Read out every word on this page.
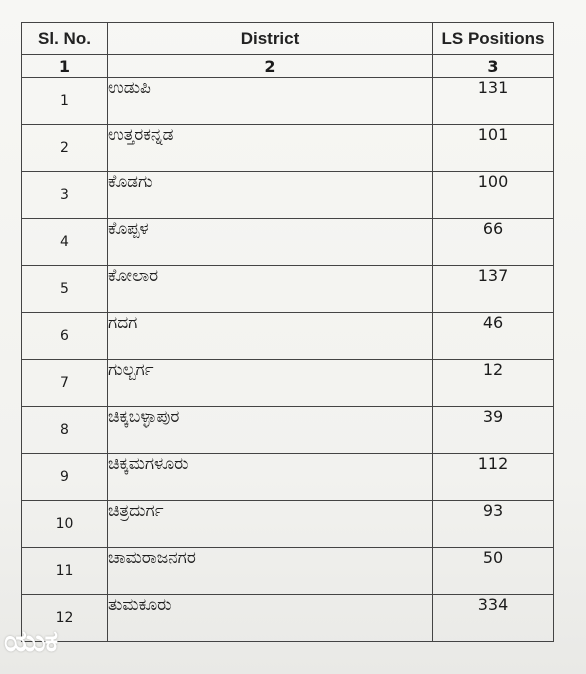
Sl. No.	District	LS Positions
1	2	3
1	ಉಡುಪಿ	131
2	ಉತ್ತರಕನ್ನಡ	101
3	ಕೊಡಗು	100
4	ಕೊಪ್ಪಳ	66
5	ಕೋಲಾರ	137
6	ಗದಗ	46
7	ಗುಲ್ಬರ್ಗ	12
8	ಚಿಕ್ಕಬಳ್ಳಾಪುರ	39
9	ಚಿಕ್ಕಮಗಳೂರು	112
10	ಚಿತ್ರದುರ್ಗ	93
11	ಚಾಮರಾಜನಗರ	50
12	ತುಮಕೂರು	334
ಯುಕ
